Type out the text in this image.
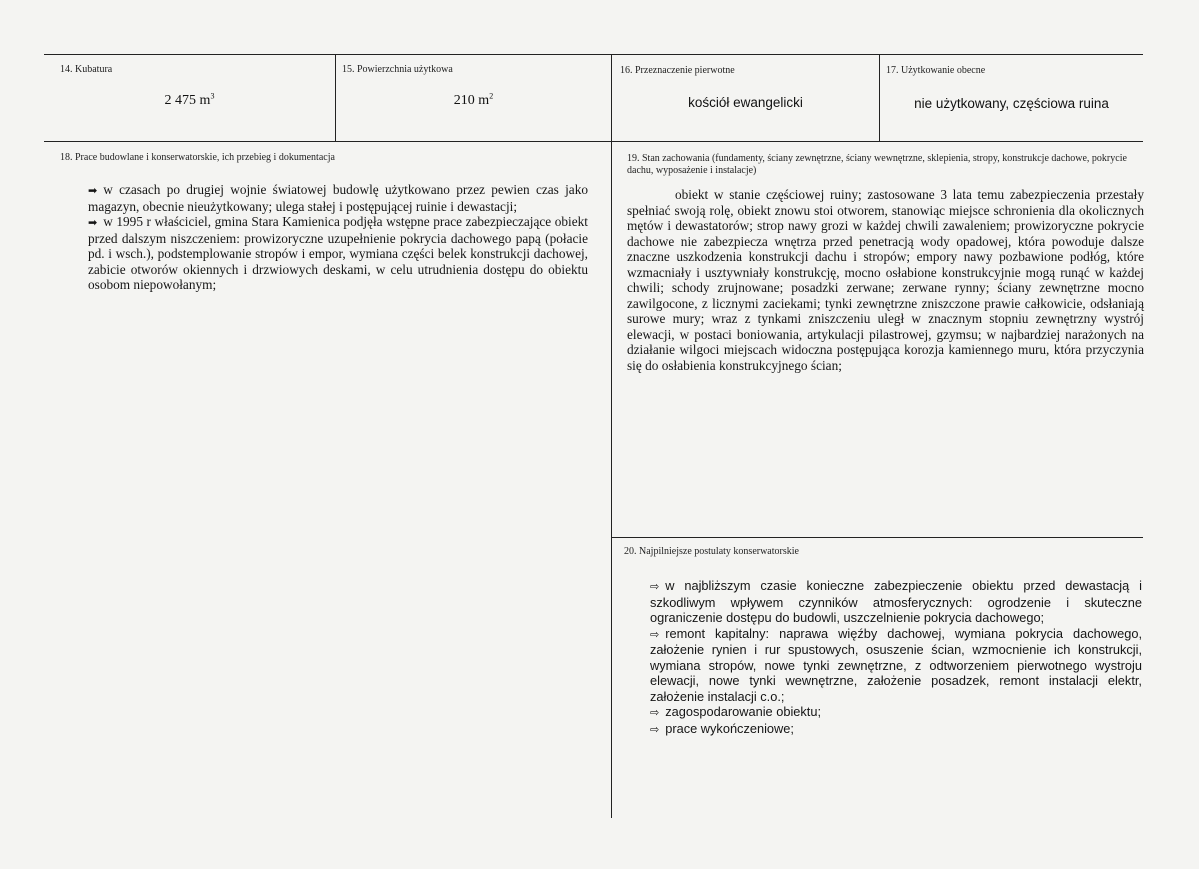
14. Kubatura
2 475 $m^3$
15. Powierzchnia użytkowa
210 $m^2$
16. Przeznaczenie pierwotne
kościół ewangelicki
17. Użytkowanie obecne
nie użytkowany, częściowa ruina
18. Prace budowlane i konserwatorskie, ich przebieg i dokumentacja

➡ w czasach po drugiej wojnie światowej budowlę użytkowano przez pewien czas jako magazyn, obecnie nieużytkowany; ulega stałej i postępującej ruinie i dewastacji;

➡ w 1995 r właściciel, gmina Stara Kamienica podjęła wstępne prace zabezpieczające obiekt przed dalszym niszczeniem: prowizoryczne uzupełnienie pokrycia dachowego papą (połacie pd. i wsch.), podstemplowanie stropów i empor, wymiana części belek konstrukcji dachowej, zabicie otworów okiennych i drzwiowych deskami, w celu utrudnienia dostępu do obiektu osobom niepowołanym;

19. Stan zachowania (fundamenty, ściany zewnętrzne, ściany wewnętrzne, sklepienia, stropy, konstrukcje dachowe, pokrycie dachu, wyposażenie i instalacje)

obiekt w stanie częściowej ruiny; zastosowane 3 lata temu zabezpieczenia przestały spełniać swoją rolę, obiekt znowu stoi otworem, stanowiąc miejsce schronienia dla okolicznych mętów i dewastatorów; strop nawy grozi w każdej chwili zawaleniem; prowizoryczne pokrycie dachowe nie zabezpiecza wnętrza przed penetracją wody opadowej, która powoduje dalsze znaczne uszkodzenia konstrukcji dachu i stropów; empory nawy pozbawione podłóg, które wzmacniały i usztywniały konstrukcję, mocno osłabione konstrukcyjnie mogą runąć w każdej chwili; schody zrujnowane; posadzki zerwane; zerwane rynny; ściany zewnętrzne mocno zawilgocone, z licznymi zaciekami; tynki zewnętrzne zniszczone prawie całkowicie, odsłaniają surowe mury; wraz z tynkami zniszczeniu uległ w znacznym stopniu zewnętrzny wystrój elewacji, w postaci boniowania, artykulacji pilastrowej, gzymsu; w najbardziej narażonych na działanie wilgoci miejscach widoczna postępująca korozja kamiennego muru, która przyczynia się do osłabienia konstrukcyjnego ścian;

20. Najpilniejsze postulaty konserwatorskie

⇨ w najbliższym czasie konieczne zabezpieczenie obiektu przed dewastacją i szkodliwym wpływem czynników atmosferycznych: ogrodzenie i skuteczne ograniczenie dostępu do budowli, uszczelnienie pokrycia dachowego;

⇨ remont kapitalny: naprawa więźby dachowej, wymiana pokrycia dachowego, założenie rynien i rur spustowych, osuszenie ścian, wzmocnienie ich konstrukcji, wymiana stropów, nowe tynki zewnętrzne, z odtworzeniem pierwotnego wystroju elewacji, nowe tynki wewnętrzne, założenie posadzek, remont instalacji elektr, założenie instalacji c.o.;

⇨ zagospodarowanie obiektu;

⇨ prace wykończeniowe;
